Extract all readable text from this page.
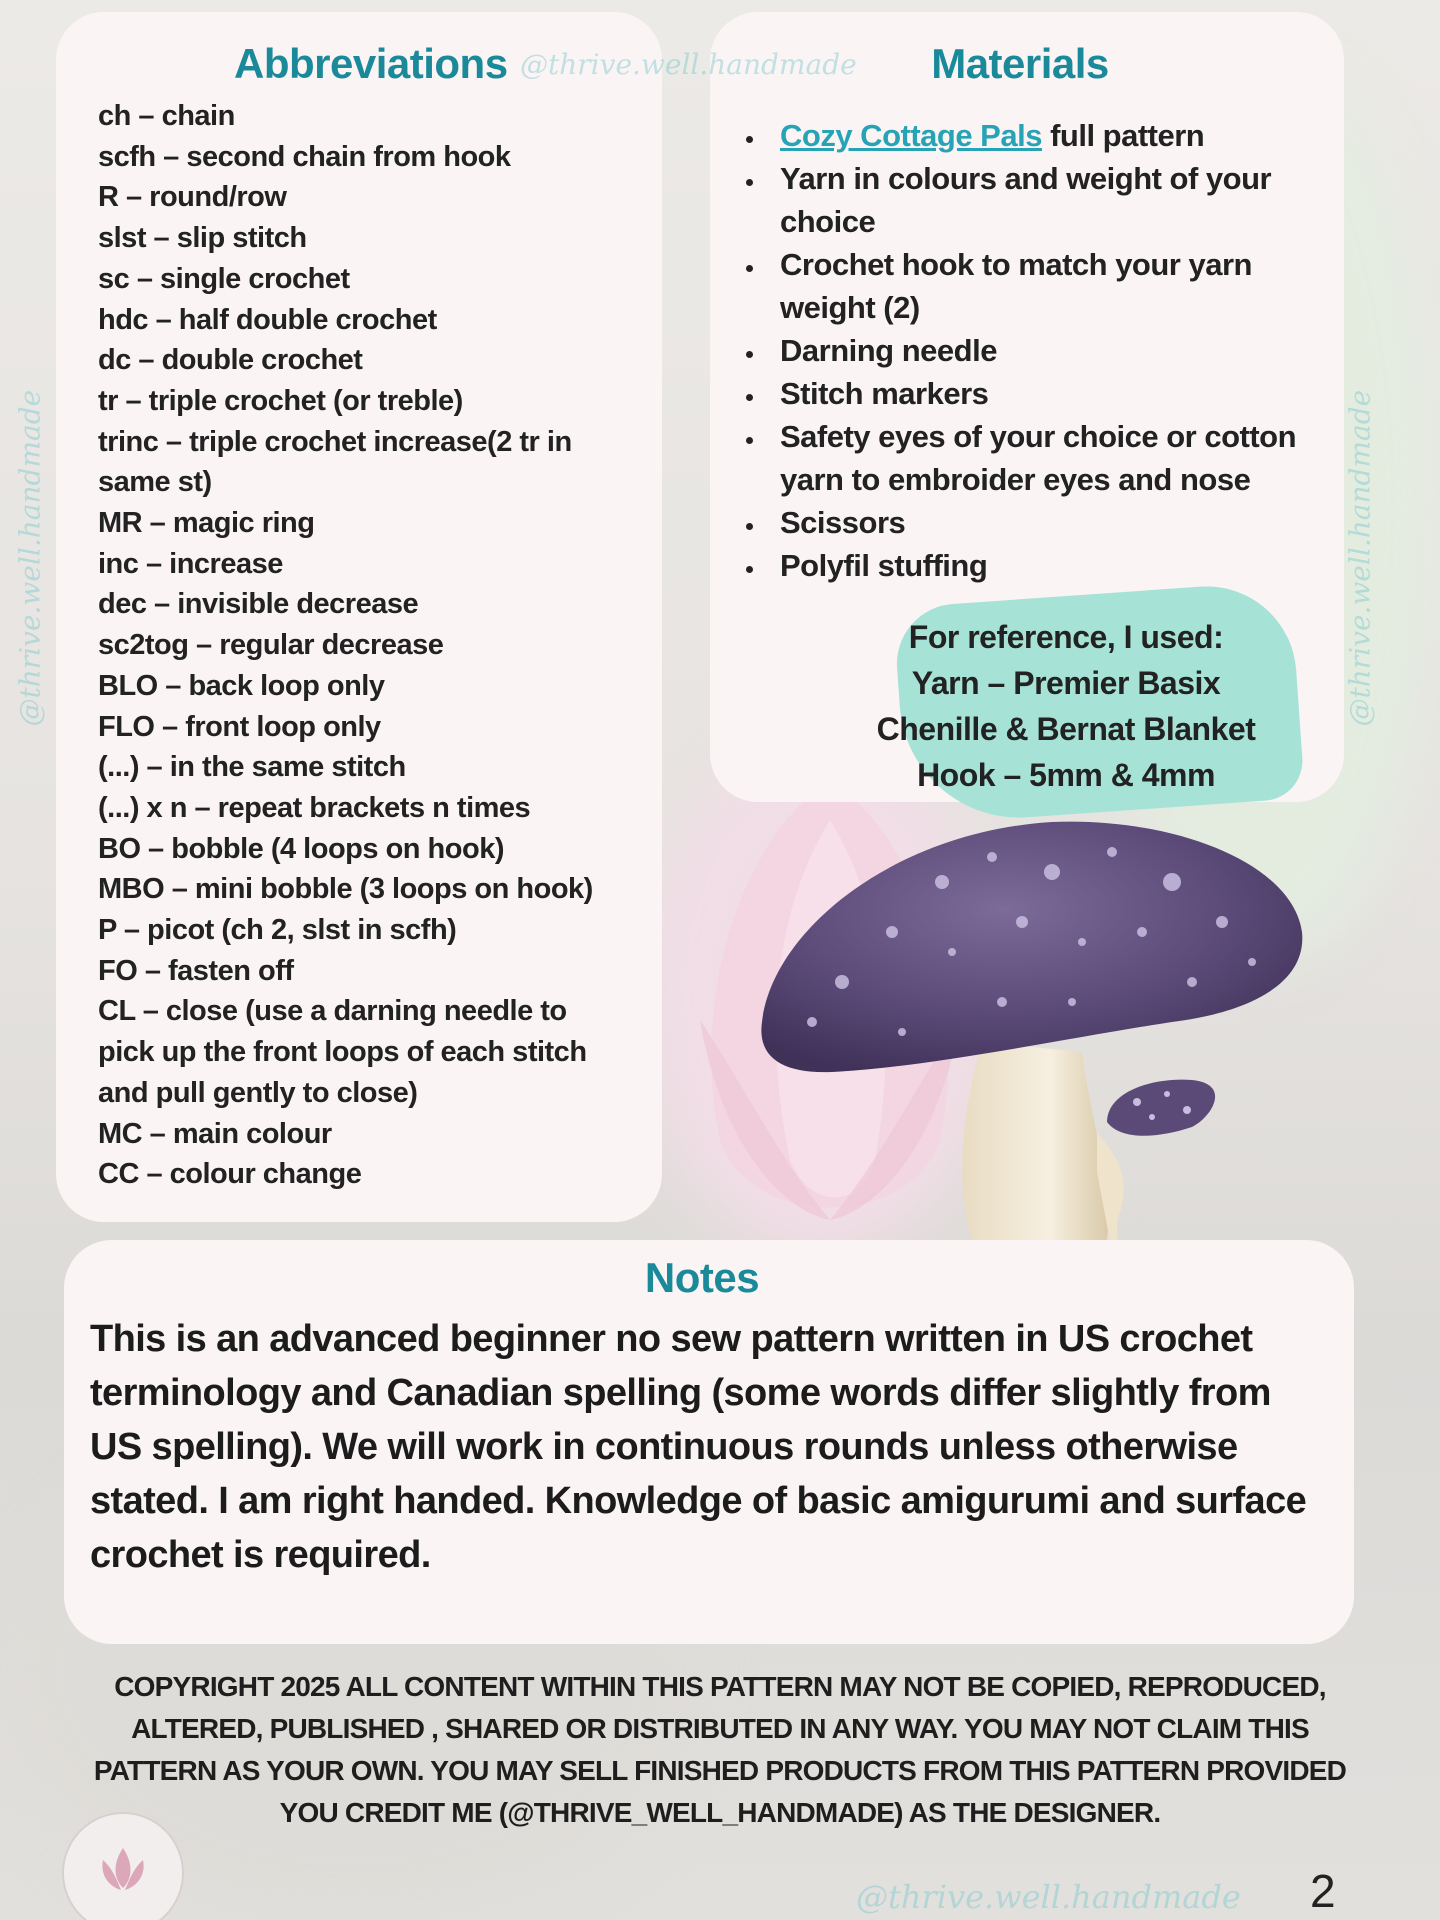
Abbreviations
ch – chain
scfh – second chain from hook
R – round/row
slst – slip stitch
sc – single crochet
hdc – half double crochet
dc – double crochet
tr – triple crochet (or treble)
trinc – triple crochet increase(2 tr in same st)
MR – magic ring
inc – increase
dec – invisible decrease
sc2tog – regular decrease
BLO – back loop only
FLO – front loop only
(...) – in the same stitch
(...) x n – repeat brackets n times
BO – bobble (4 loops on hook)
MBO – mini bobble (3 loops on hook)
P – picot (ch 2, slst in scfh)
FO – fasten off
CL – close (use a darning needle to pick up the front loops of each stitch and pull gently to close)
MC – main colour
CC – colour change
Materials
• Cozy Cottage Pals full pattern
• Yarn in colours and weight of your choice
• Crochet hook to match your yarn weight (2)
• Darning needle
• Stitch markers
• Safety eyes of your choice or cotton yarn to embroider eyes and nose
• Scissors
• Polyfil stuffing
For reference, I used:
Yarn – Premier Basix
Chenille & Bernat Blanket
Hook – 5mm & 4mm
Notes

This is an advanced beginner no sew pattern written in US crochet terminology and Canadian spelling (some words differ slightly from US spelling). We will work in continuous rounds unless otherwise stated. I am right handed. Knowledge of basic amigurumi and surface crochet is required.

COPYRIGHT 2025 ALL CONTENT WITHIN THIS PATTERN MAY NOT BE COPIED, REPRODUCED, ALTERED, PUBLISHED , SHARED OR DISTRIBUTED IN ANY WAY. YOU MAY NOT CLAIM THIS PATTERN AS YOUR OWN. YOU MAY SELL FINISHED PRODUCTS FROM THIS PATTERN PROVIDED YOU CREDIT ME (@THRIVE_WELL_HANDMADE) AS THE DESIGNER.
@thrive.well.handmade
@thrive.well.handmade	@thrive.well.handmade
@thrive.well.handmade 2
